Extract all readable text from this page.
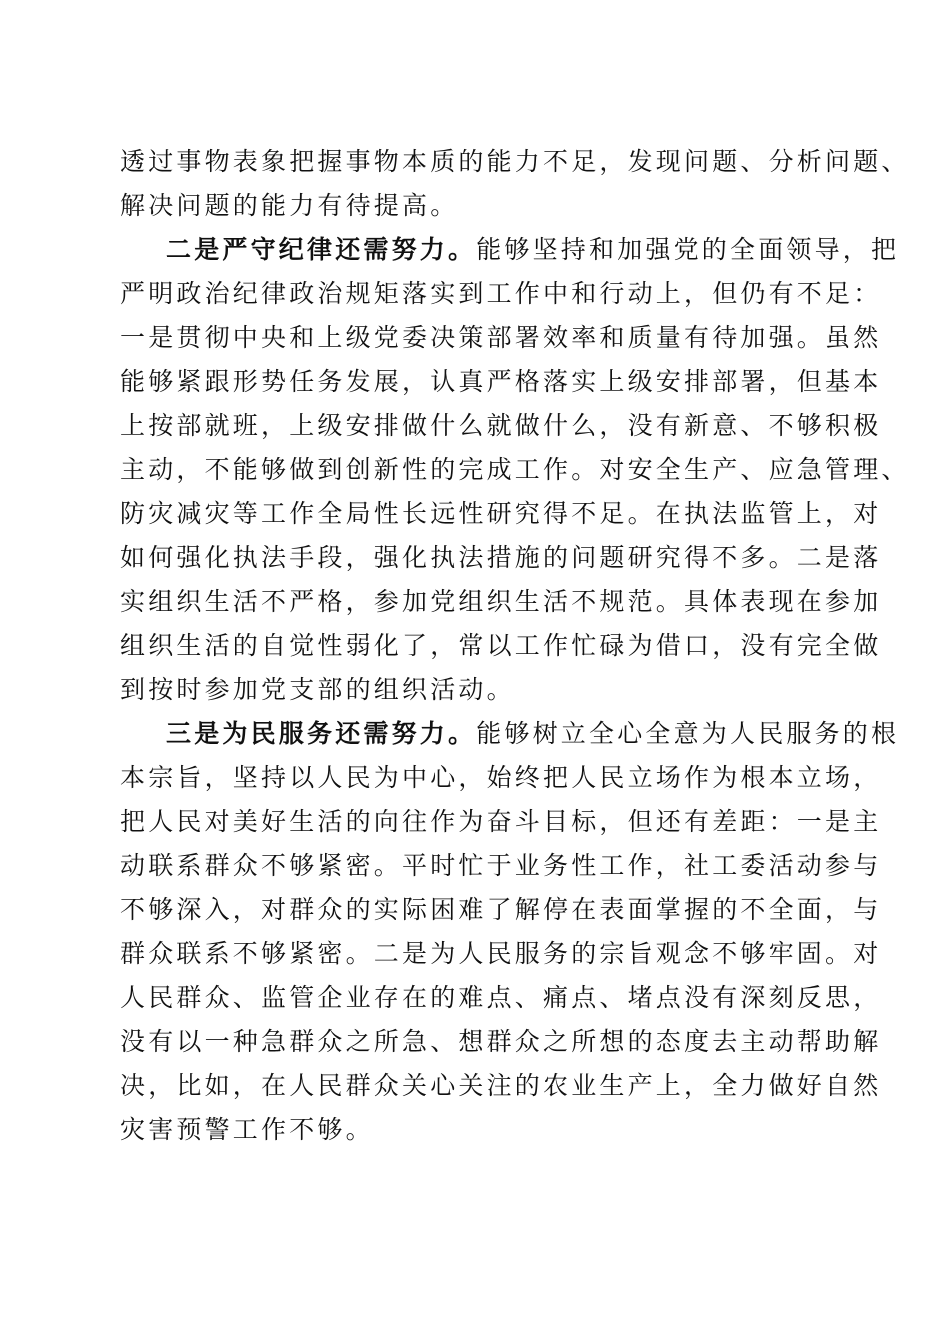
透过事物表象把握事物本质的能力不足，发现问题、分析问题、
解决问题的能力有待提高。
二是严守纪律还需努力。能够坚持和加强党的全面领导，把
严明政治纪律政治规矩落实到工作中和行动上，但仍有不足：
一是贯彻中央和上级党委决策部署效率和质量有待加强。虽然
能够紧跟形势任务发展，认真严格落实上级安排部署，但基本
上按部就班，上级安排做什么就做什么，没有新意、不够积极
主动，不能够做到创新性的完成工作。对安全生产、应急管理、
防灾减灾等工作全局性长远性研究得不足。在执法监管上，对
如何强化执法手段，强化执法措施的问题研究得不多。二是落
实组织生活不严格，参加党组织生活不规范。具体表现在参加
组织生活的自觉性弱化了，常以工作忙碌为借口，没有完全做
到按时参加党支部的组织活动。
三是为民服务还需努力。能够树立全心全意为人民服务的根
本宗旨，坚持以人民为中心，始终把人民立场作为根本立场，
把人民对美好生活的向往作为奋斗目标，但还有差距：一是主
动联系群众不够紧密。平时忙于业务性工作，社工委活动参与
不够深入，对群众的实际困难了解停在表面掌握的不全面，与
群众联系不够紧密。二是为人民服务的宗旨观念不够牢固。对
人民群众、监管企业存在的难点、痛点、堵点没有深刻反思，
没有以一种急群众之所急、想群众之所想的态度去主动帮助解
决，比如，在人民群众关心关注的农业生产上，全力做好自然
灾害预警工作不够。
